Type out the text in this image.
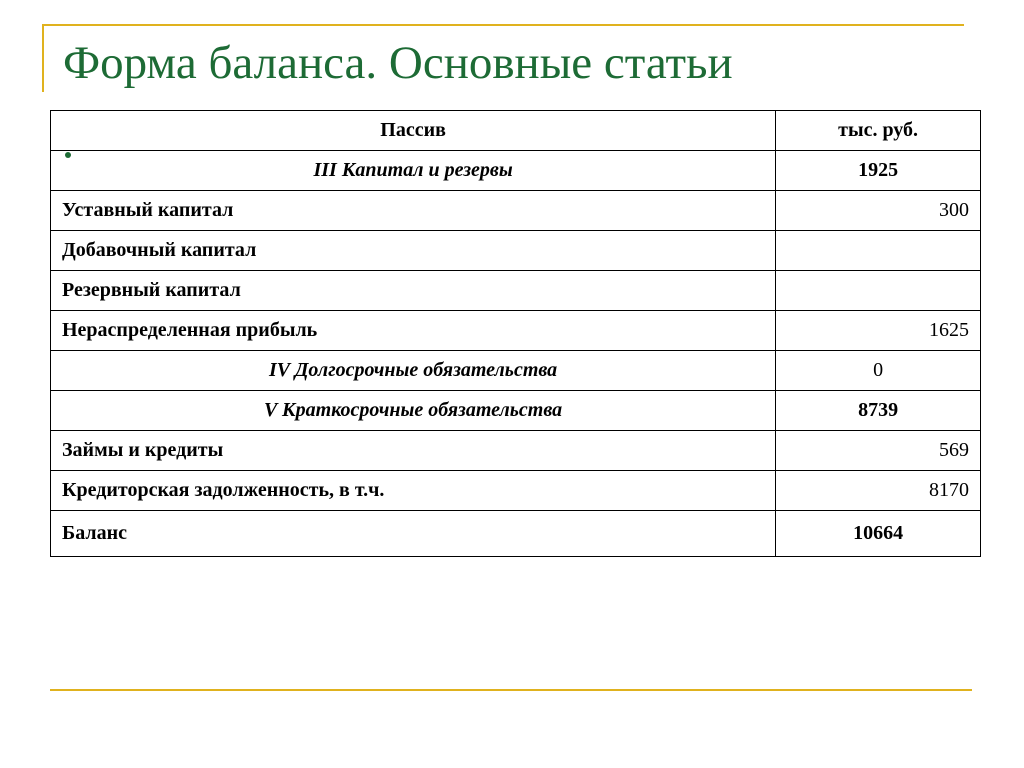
Форма баланса. Основные статьи
Пассив	тыс. руб.
III Капитал и резервы	1925
Уставный капитал	300
Добавочный капитал	
Резервный капитал	
Нераспределенная прибыль	1625
IV Долгосрочные обязательства	0
V Краткосрочные обязательства	8739
Займы и кредиты	569
Кредиторская задолженность, в т.ч.	8170
Баланс	10664
